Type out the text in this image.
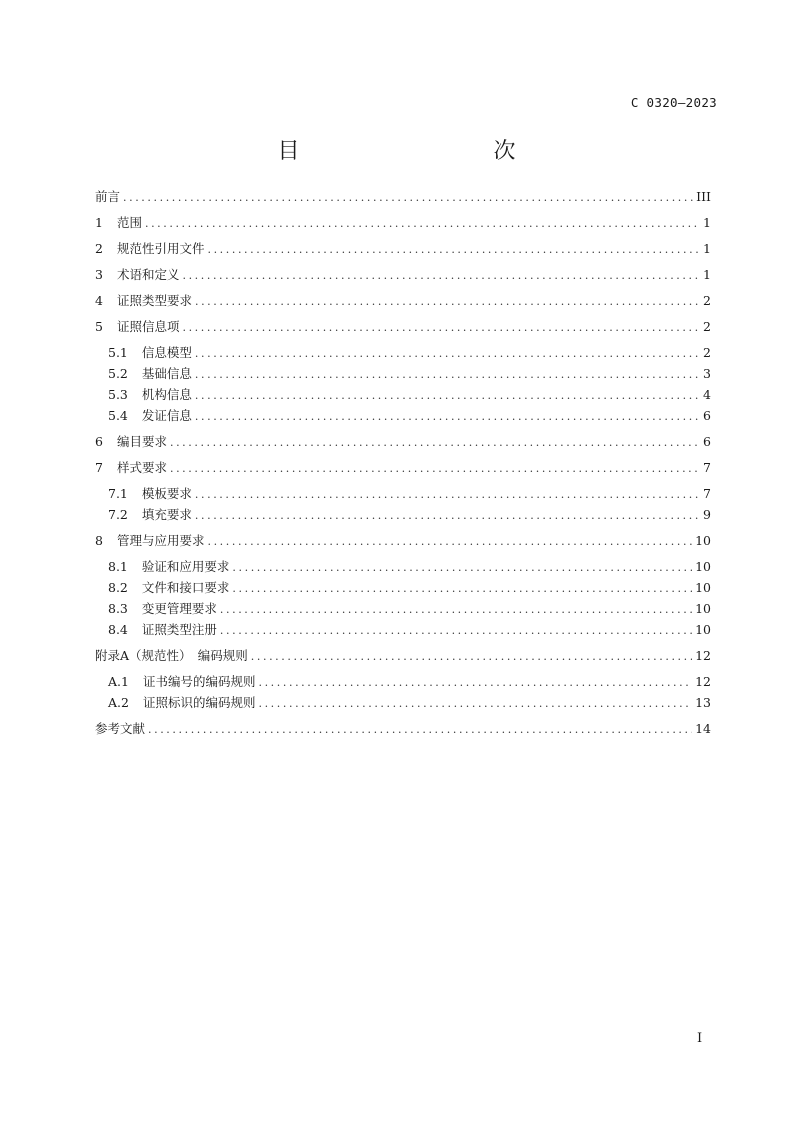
C 0320—2023
目　　次
前言 .....	III
1 范围 .....	1
2 规范性引用文件 .....	1
3 术语和定义 .....	1
4 证照类型要求 .....	2
5 证照信息项 .....	2
5.1 信息模型 .....	2
5.2 基础信息 .....	3
5.3 机构信息 .....	4
5.4 发证信息 .....	6
6 编目要求 .....	6
7 样式要求 .....	7
7.1 模板要求 .....	7
7.2 填充要求 .....	9
8 管理与应用要求 .....	10
8.1 验证和应用要求 .....	10
8.2 文件和接口要求 .....	10
8.3 变更管理要求 .....	10
8.4 证照类型注册 .....	10
附录A（规范性）　编码规则 .....	12
A.1 证书编号的编码规则 .....	12
A.2 证照标识的编码规则 .....	13
参考文献 .....	14
I
